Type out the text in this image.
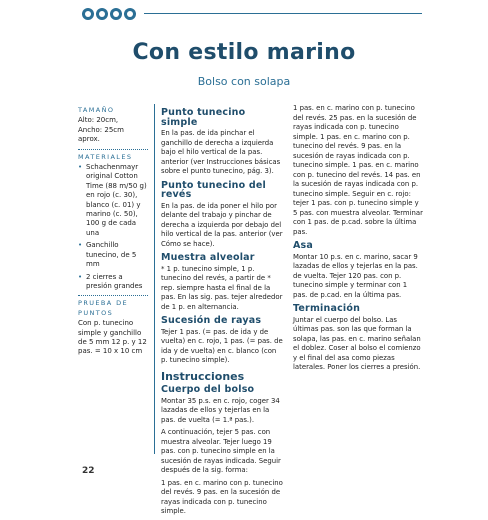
Con estilo marino
Bolso con solapa
TAMAÑO

Alto: 20cm,

Ancho: 25cm aprox.

MATERIALES
• Schachenmayr original Cotton Time (88 m/50 g) en rojo (c. 30), blanco (c. 01) y marino (c. 50), 100 g de cada una
• Ganchillo tunecino, de 5 mm
• 2 cierres a presión grandes
PRUEBA DE PUNTOS

Con p. tunecino simple y ganchillo de 5 mm 12 p. y 12 pas. = 10 x 10 cm

Punto tunecino simple

En la pas. de ida pinchar el ganchillo de derecha a izquierda bajo el hilo vertical de la pas. anterior (ver Instrucciones básicas sobre el punto tunecino, pág. 3).

Punto tunecino del revés

En la pas. de ida poner el hilo por delante del trabajo y pinchar de derecha a izquierda por debajo del hilo vertical de la pas. anterior (ver Cómo se hace).

Muestra alveolar

* 1 p. tunecino simple, 1 p. tunecino del revés, a partir de * rep. siempre hasta el final de la pas. En las sig. pas. tejer alrededor de 1 p. en alternancia.

Sucesión de rayas

Tejer 1 pas. (= pas. de ida y de vuelta) en c. rojo, 1 pas. (= pas. de ida y de vuelta) en c. blanco (con p. tunecino simple).

Instrucciones
Cuerpo del bolso

Montar 35 p.s. en c. rojo, coger 34 lazadas de ellos y tejerlas en la pas. de vuelta (= 1.ª pas.).

A continuación, tejer 5 pas. con muestra alveolar. Tejer luego 19 pas. con p. tunecino simple en la sucesión de rayas indicada. Seguir después de la sig. forma:

1 pas. en c. marino con p. tunecino del revés. 9 pas. en la sucesión de rayas indicada con p. tunecino simple.

1 pas. en c. marino con p. tunecino del revés. 25 pas. en la sucesión de rayas indicada con p. tunecino simple. 1 pas. en c. marino con p. tunecino del revés. 9 pas. en la sucesión de rayas indicada con p. tunecino simple. 1 pas. en c. marino con p. tunecino del revés. 14 pas. en la sucesión de rayas indicada con p. tunecino simple. Seguir en c. rojo: tejer 1 pas. con p. tunecino simple y 5 pas. con muestra alveolar. Terminar con 1 pas. de p.cad. sobre la última pas.

Asa

Montar 10 p.s. en c. marino, sacar 9 lazadas de ellos y tejerlas en la pas. de vuelta. Tejer 120 pas. con p. tunecino simple y terminar con 1 pas. de p.cad. en la última pas.

Terminación

Juntar el cuerpo del bolso. Las últimas pas. son las que forman la solapa, las pas. en c. marino señalan el doblez. Coser al bolso el comienzo y el final del asa como piezas laterales. Poner los cierres a presión.

22
